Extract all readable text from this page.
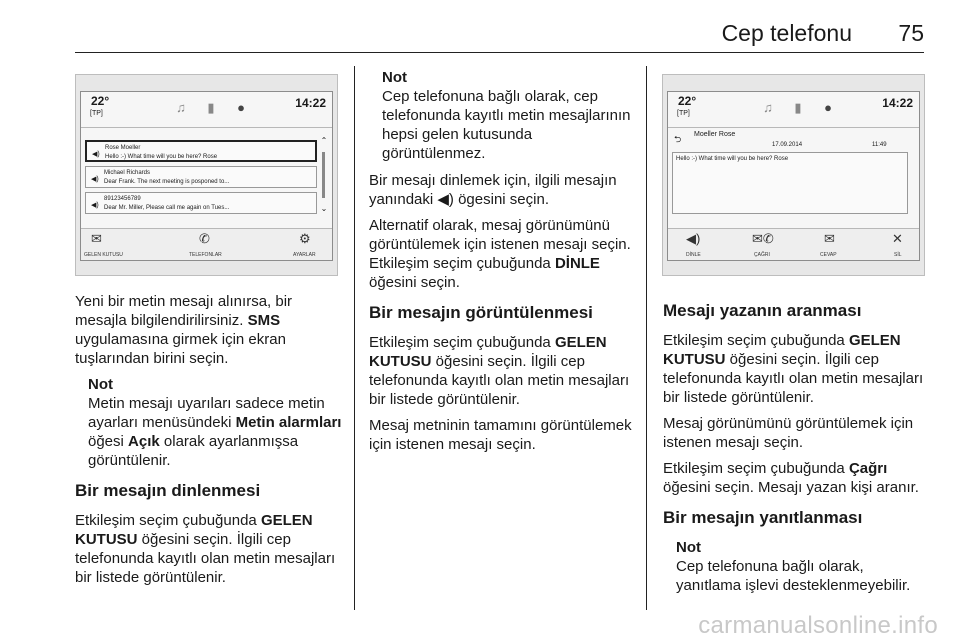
Cep telefonu 75
22°
[TP]	♫	▮	●	14:22
◀)
Rose Moeller
Hello :-) What time will you be here? Rose
◀)
Michael Richards
Dear Frank. The next meeting is posponed to...
◀)
89123456789
Dear Mr. Miller, Please call me again on Tues...
⌃
⌄
✉
GELEN KUTUSU
✆
TELEFONLAR
⚙
AYARLAR

Yeni bir metin mesajı alınırsa, bir mesajla bilgilendirilirsiniz. SMS uygulamasına girmek için ekran tuşlarından birini seçin.

Not
Metin mesajı uyarıları sadece metin ayarları menüsündeki Metin alarmları öğesi Açık olarak ayarlanmışsa görüntülenir.
Bir mesajın dinlenmesi

Etkileşim seçim çubuğunda GELEN KUTUSU öğesini seçin. İlgili cep telefonunda kayıtlı olan metin mesajları bir listede görüntülenir.

Not
Cep telefonuna bağlı olarak, cep telefonunda kayıtlı metin mesajlarının hepsi gelen kutusunda görüntülenmez.

Bir mesajı dinlemek için, ilgili mesajın yanındaki ◀) ögesini seçin.

Alternatif olarak, mesaj görünümünü görüntülemek için istenen mesajı seçin. Etkileşim seçim çubuğunda DİNLE öğesini seçin.

Bir mesajın görüntülenmesi

Etkileşim seçim çubuğunda GELEN KUTUSU öğesini seçin. İlgili cep telefonunda kayıtlı olan metin mesajları bir listede görüntülenir.

Mesaj metninin tamamını görüntülemek için istenen mesajı seçin.

22°
[TP]	♫	▮	●	14:22
⮌ Moeller Rose
17.09.2014	11:49
Hello :-) What time will you be here? Rose
◀)
DİNLE
✉✆
ÇAĞRI
✉
CEVAP
✕
SİL
Mesajı yazanın aranması

Etkileşim seçim çubuğunda GELEN KUTUSU öğesini seçin. İlgili cep telefonunda kayıtlı olan metin mesajları bir listede görüntülenir.

Mesaj görünümünü görüntülemek için istenen mesajı seçin.

Etkileşim seçim çubuğunda Çağrı öğesini seçin. Mesajı yazan kişi aranır.

Bir mesajın yanıtlanması
Not
Cep telefonuna bağlı olarak, yanıtlama işlevi desteklenmeyebilir.
carmanualsonline.info
